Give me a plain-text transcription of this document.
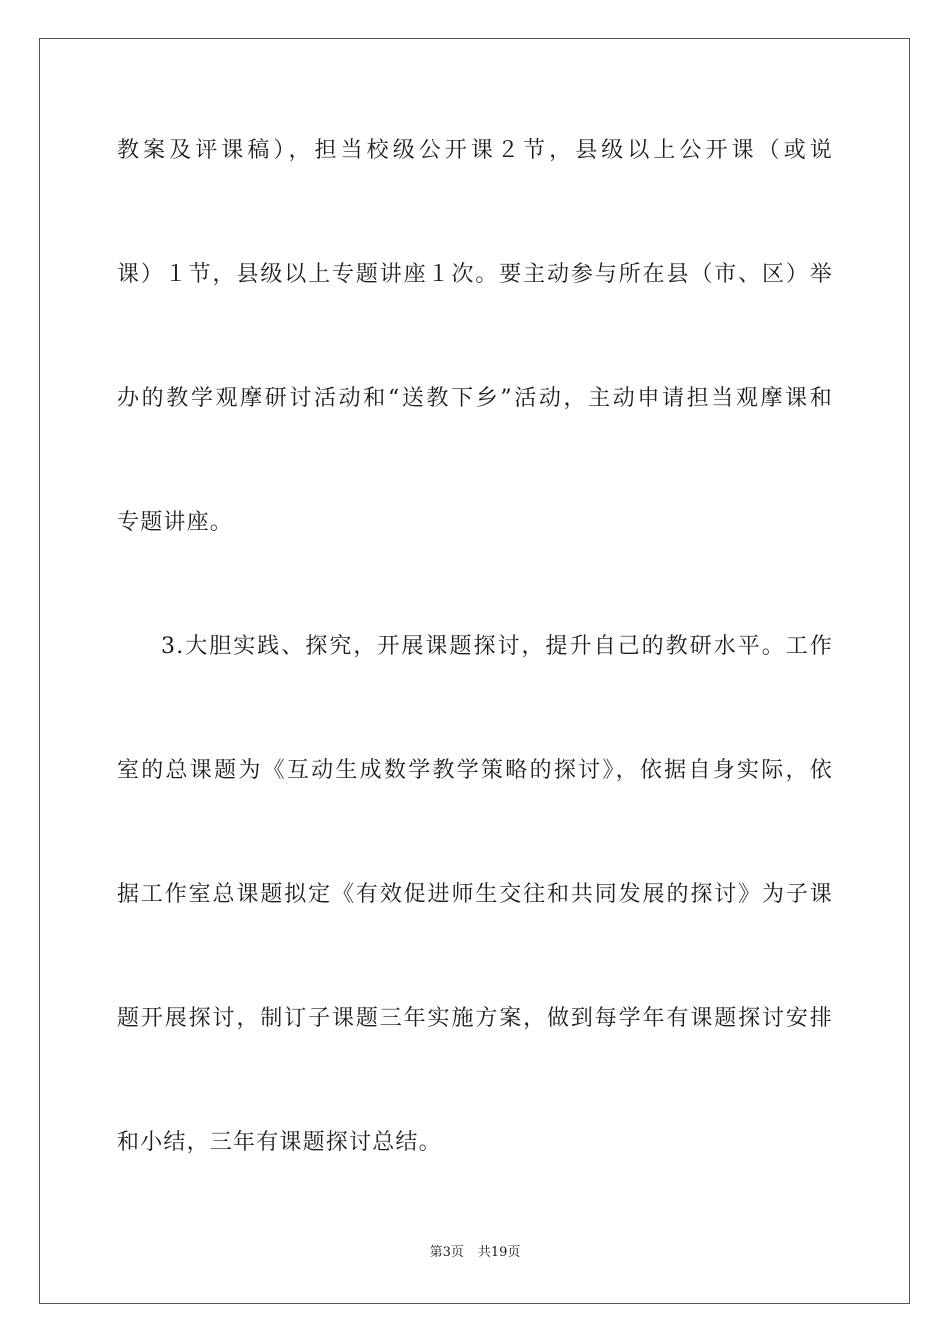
教案及评课稿），担当校级公开课２节，县级以上公开课（或说
课）１节，县级以上专题讲座１次。要主动参与所在县（市、区）举
办的教学观摩研讨活动和“送教下乡”活动，主动申请担当观摩课和
专题讲座。
3.大胆实践、探究，开展课题探讨，提升自己的教研水平。工作
室的总课题为《互动生成数学教学策略的探讨》，依据自身实际，依
据工作室总课题拟定《有效促进师生交往和共同发展的探讨》为子课
题开展探讨，制订子课题三年实施方案，做到每学年有课题探讨安排
和小结，三年有课题探讨总结。
第3页 共19页
